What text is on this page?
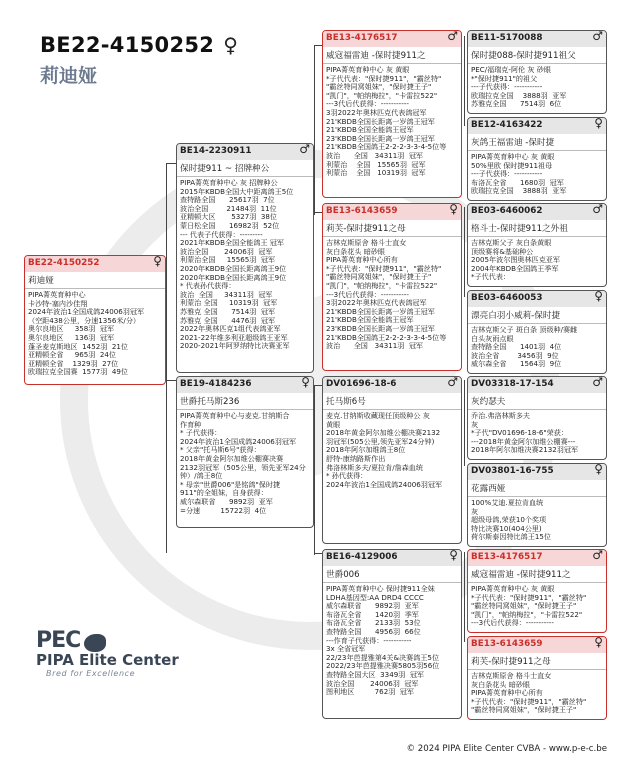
BE22-4150252 ♀
莉迪娅
BE22-4150252	♀
莉迪娅
PIPA菁英育种中心
卡沙特-塞内沙佳翔
2024年波治1全国成鸽24006羽冠军
（空距438公里，分速1356米/分）
奥尔良地区     358羽  冠军
奥尔良地区     136羽  冠军
蓬圣麦克斯地区  1452羽  21位
亚精顿全省     965羽  24位
亚精顿全省    1329羽  27位
欧瑞拉克全国赛  1577羽  49位
BE14-2230911	♂
保时捷911 ~ 招牌种公
PIPA菁英育种中心 灰 招牌种公
2015年KBDB全国大中距离鸽王5位
查特路全国      25617羽  7位
波治全国        21484羽  11位
亚精顿大区       5327羽  38位
蒙日松全国      16982羽  52位
--- 代表子代获得：---------
2021年KBDB全国全能鸽王 冠军
波治全国       24006羽  冠军
利蒙治全国     15565羽  冠军
2020年KBDB全国长距离鸽王9位
2020年KBDB全国长距离鸽王9位
* 代表孙代获得：
波治  全国     34311羽  冠军
利蒙治 全国     10319羽  冠军
苏雅克 全国      7514羽  冠军
苏雅克 全国      4476羽  冠军
2022年奥林匹克1组代表鸽亚军
2021-22年维多利亚超级鸽王亚军
2020-2021年阿罗纳特比决赛亚军
BE19-4184236	♀
世爵托马斯236
PIPA菁英育种中心与麦克.甘纳斯合
作育种
* 子代获得：
2024年波治1全国成鸽24006羽冠军
* 父亲"托马斯6号"获得：
2018年黄金阿尔加维公棚赛决赛
2132羽冠军（505公里，领先亚军24分
钟）/鸽王8位
* 母亲"世爵006"是铭鸽"保时捷
911"的全姐妹，自身获得：
威尔森联省      9892羽  亚军
=分速         15722羽  4位
BE13-4176517	♂
威寇福雷迪 -保时捷911之
PIPA菁英育种中心 灰 黄眼
*子代代表："保时捷911"，"霸丝特"
"霸丝特同窝姐妹"，"保时捷王子"
"凯门"，"帕纳梅拉"，"卡雷拉522"
---3代后代获得：-----------
3羽2022年奥林匹克代表鸽冠军
21'KBDB全国长距离一岁鸽王冠军
21'KBDB全国全能鸽王冠军
23'KBDB全国长距离一岁鸽王冠军
21'KBDB全国鸽王2-2-2-3-3-4-5位等
波治      全国   34311羽  冠军
利蒙治    全国   15565羽  冠军
利蒙治    全国   10319羽  冠军
BE13-6143659	♀
莉芙-保时捷911之母
吉林克斯原舍 格斗士直女
灰白条花头 暗砂眼
PIPA菁英育种中心所有
*子代代表："保时捷911"，"霸丝特"
"霸丝特同窝姐妹"，"保时捷王子"
"凯门"，"帕纳梅拉"，"卡雷拉522"
---3代后代获得：-----------
3羽2022年奥林匹克代表鸽冠军
21'KBDB全国长距离一岁鸽王冠军
21'KBDB全国全能鸽王冠军
23'KBDB全国长距离一岁鸽王冠军
21'KBDB全国鸽王2-2-2-3-3-4-5位等
波治      全国   34311羽  冠军
DV01696-18-6	♂
托马斯6号
麦克.甘纳斯收藏现任顶级种公 灰
黄眼
2018年黄金阿尔加维公棚决赛2132
羽冠军(505公里,领先亚军24分钟)
2018年阿尔加维鸽王8位
舒特-康纳路斯作出
弗洛林斯多夫/夏拉肯/詹森血统
* 孙代获得：
2024年波治1全国成鸽24006羽冠军
BE16-4129006	♀
世爵006
PIPA菁英育种中心 保时捷911全妹
LDHA基因型:AA DRD4 CCCC
威尔森联省      9892羽  亚军
布洛瓦全省      1420羽  季军
布洛瓦全省      2133羽  53位
查特路全国      4956羽  66位
---作育子代获得：-----------
3x 全省冠军
22/23年芭提雅第4关&决赛鸽王5位
2022/23年芭提雅决赛5805羽56位
查特路全国大区  3349羽  冠军
波治全国       24006羽  冠军
图利地区         762羽  冠军
BE11-5170088	♂
保时捷088-保时捷911祖父
PEC/福瑞克-阿伦 灰 砂眼
*"保时捷911"的祖父
---子代获得：-----------
欧瑞拉克全国    3888羽  亚军
苏雅克全国      7514羽  6位
BE12-4163422	♀
灰鸽王福雷迪 -保时捷
PIPA菁英育种中心 灰 黄眼
50%里欧 保时捷911祖母
---子代获得：-----------
布洛瓦全省      1680羽  冠军
欧瑞拉克全国    3888羽  亚军
BE03-6460062	♂
格斗士-保时捷911之外祖
吉林克斯父子 灰白条黄眼
顶级赛将&基础种公
2005年波尔图奥林匹克亚军
2004年KBDB全国鸽王季军
*子代代表：
BE03-6460053	♀
漂亮白羽小威莉-保时捷
吉林克斯父子 斑白条 顶级种/赛雌
白头灰雨点眼
查特路全国      1401羽  4位
波治全省        3456羽  9位
威尔森全省      1564羽  9位
DV03318-17-154	♂
灰约瑟夫
乔治.弗洛林斯多夫
灰
*子代"DV01696-18-6"荣获：
---2018年黄金阿尔加维公棚赛---
2018年阿尔加维决赛2132羽冠军
DV03801-16-755	♀
花露西娅
100%艾迪.夏拉肯血统
灰
超级母鸽,荣获10个奖项
特比决赛10(404公里)
荷尔斯泰因特比鸽王15位
BE13-4176517	♂
威寇福雷迪 -保时捷911之
PIPA菁英育种中心 灰 黄眼
*子代代表："保时捷911"，"霸丝特"
"霸丝特同窝姐妹"，"保时捷王子"
"凯门"，"帕纳梅拉"，"卡雷拉522"
---3代后代获得：-----------
BE13-6143659	♀
莉芙-保时捷911之母
吉林克斯原舍 格斗士直女
灰白条花头 暗砂眼
PIPA菁英育种中心所有
*子代代表："保时捷911"，"霸丝特"
"霸丝特同窝姐妹"，"保时捷王子"
PEC
PIPA Elite Center
Bred for Excellence
© 2024 PIPA Elite Center CVBA - www.p-e-c.be
